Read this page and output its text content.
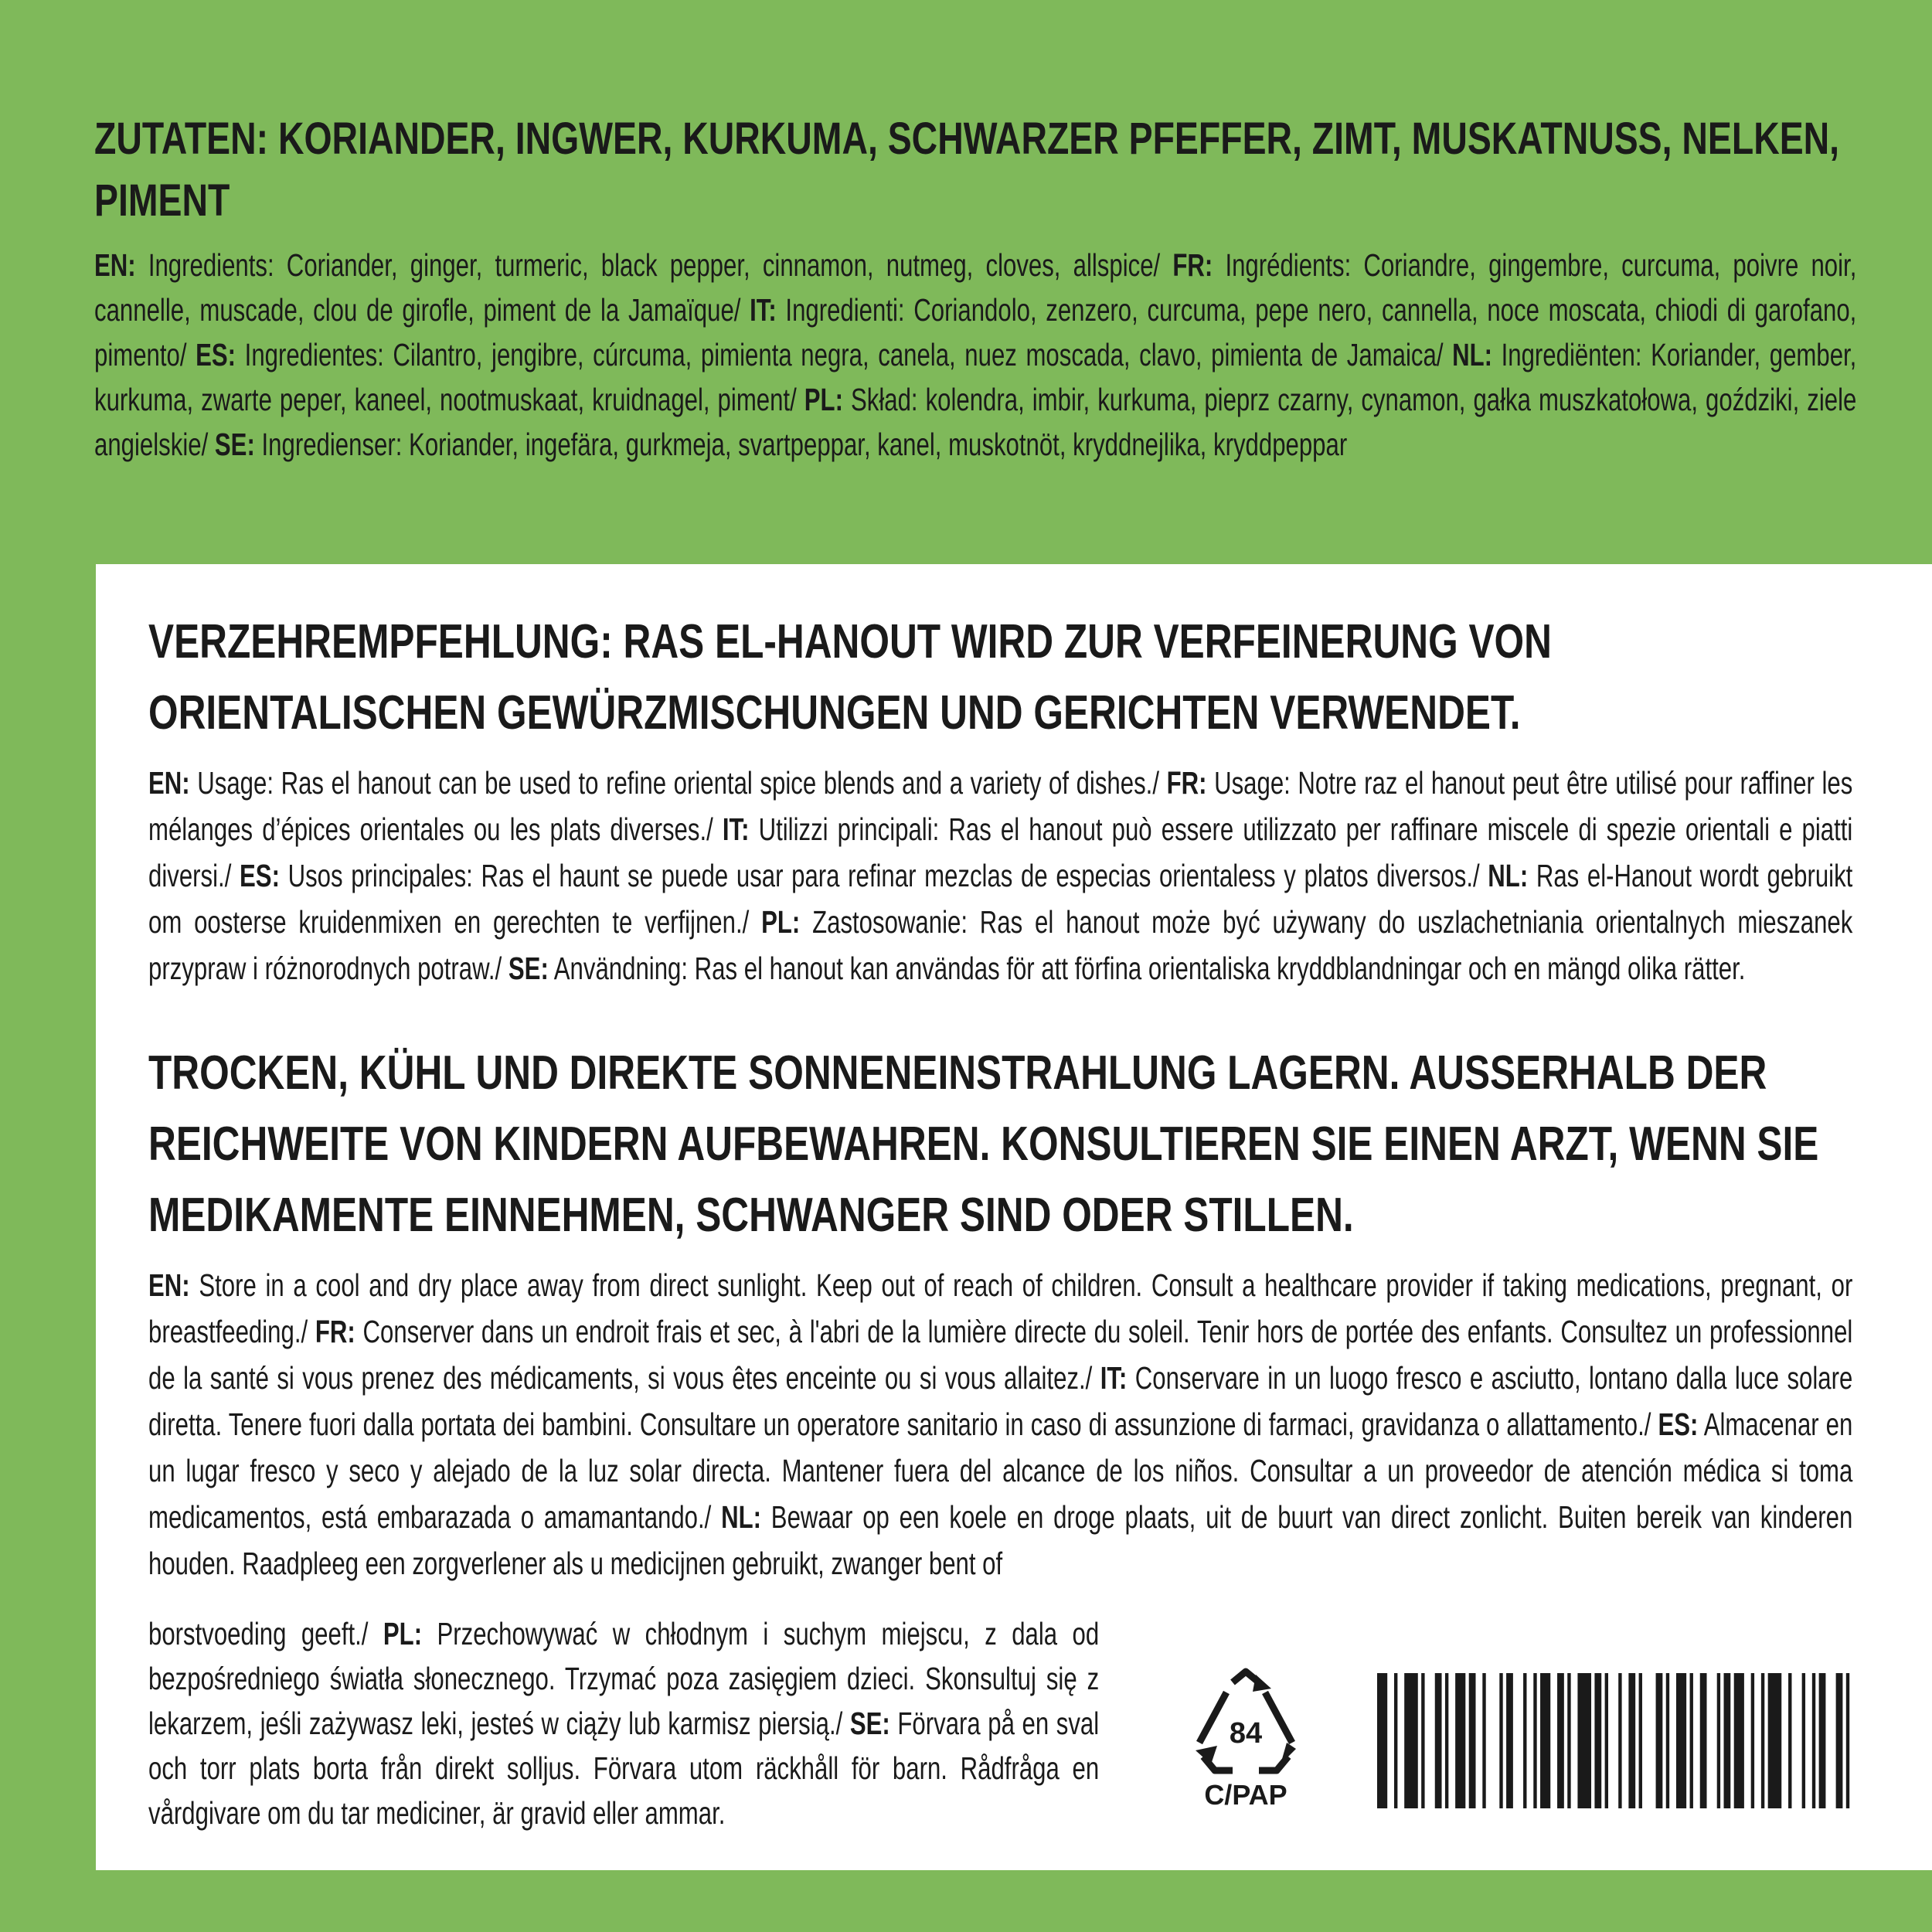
ZUTATEN: KORIANDER, INGWER, KURKUMA, SCHWARZER PFEFFER, ZIMT, MUSKATNUSS, NELKEN, PIMENT
EN: Ingredients: Coriander, ginger, turmeric, black pepper, cinnamon, nutmeg, cloves, allspice/ FR: Ingrédients: Coriandre, gingembre, curcuma, poivre noir, cannelle, muscade, clou de girofle, piment de la Jamaïque/ IT: Ingredienti: Coriandolo, zenzero, curcuma, pepe nero, cannella, noce moscata, chiodi di garofano, pimento/ ES: Ingredientes: Cilantro, jengibre, cúrcuma, pimienta negra, canela, nuez moscada, clavo, pimienta de Jamaica/ NL: Ingrediënten: Koriander, gember, kurkuma, zwarte peper, kaneel, nootmuskaat, kruidnagel, piment/ PL: Skład: kolendra, imbir, kurkuma, pieprz czarny, cynamon, gałka muszkatołowa, goździki, ziele angielskie/ SE: Ingredienser: Koriander, ingefära, gurkmeja, svartpeppar, kanel, muskotnöt, kryddnejlika, kryddpeppar
VERZEHREMPFEHLUNG: RAS EL-HANOUT WIRD ZUR VERFEINERUNG VON ORIENTALISCHEN GEWÜRZMISCHUNGEN UND GERICHTEN VERWENDET.
EN: Usage: Ras el hanout can be used to refine oriental spice blends and a variety of dishes./ FR: Usage: Notre raz el hanout peut être utilisé pour raffiner les mélanges d’épices orientales ou les plats diverses./ IT: Utilizzi principali: Ras el hanout può essere utilizzato per raffinare miscele di spezie orientali e piatti diversi./ ES: Usos principales: Ras el haunt se puede usar para refinar mezclas de especias orientaless y platos diversos./ NL: Ras el-Hanout wordt gebruikt om oosterse kruidenmixen en gerechten te verfijnen./ PL: Zastosowanie: Ras el hanout może być używany do uszlachetniania orientalnych mieszanek przypraw i różnorodnych potraw./ SE: Användning: Ras el hanout kan användas för att förfina orientaliska kryddblandningar och en mängd olika rätter.
TROCKEN, KÜHL UND DIREKTE SONNENEINSTRAHLUNG LAGERN. AUSSERHALB DER REICHWEITE VON KINDERN AUFBEWAHREN. KONSULTIEREN SIE EINEN ARZT, WENN SIE MEDIKAMENTE EINNEHMEN, SCHWANGER SIND ODER STILLEN.
EN: Store in a cool and dry place away from direct sunlight. Keep out of reach of children. Consult a healthcare provider if taking medications, pregnant, or breastfeeding./ FR: Conserver dans un endroit frais et sec, à l'abri de la lumière directe du soleil. Tenir hors de portée des enfants. Consultez un professionnel de la santé si vous prenez des médicaments, si vous êtes enceinte ou si vous allaitez./ IT: Conservare in un luogo fresco e asciutto, lontano dalla luce solare diretta. Tenere fuori dalla portata dei bambini. Consultare un operatore sanitario in caso di assunzione di farmaci, gravidanza o allattamento./ ES: Almacenar en un lugar fresco y seco y alejado de la luz solar directa. Mantener fuera del alcance de los niños. Consultar a un proveedor de atención médica si toma medicamentos, está embarazada o amamantando./ NL: Bewaar op een koele en droge plaats, uit de buurt van direct zonlicht. Buiten bereik van kinderen houden. Raadpleeg een zorgverlener als u medicijnen gebruikt, zwanger bent of
borstvoeding geeft./ PL: Przechowywać w chłodnym i suchym miejscu, z dala od bezpośredniego światła słonecznego. Trzymać poza zasięgiem dzieci. Skonsultuj się z lekarzem, jeśli zażywasz leki, jesteś w ciąży lub karmisz piersią./ SE: Förvara på en sval och torr plats borta från direkt solljus. Förvara utom räckhåll för barn. Rådfråga en vårdgivare om du tar mediciner, är gravid eller ammar.
84
C/PAP
